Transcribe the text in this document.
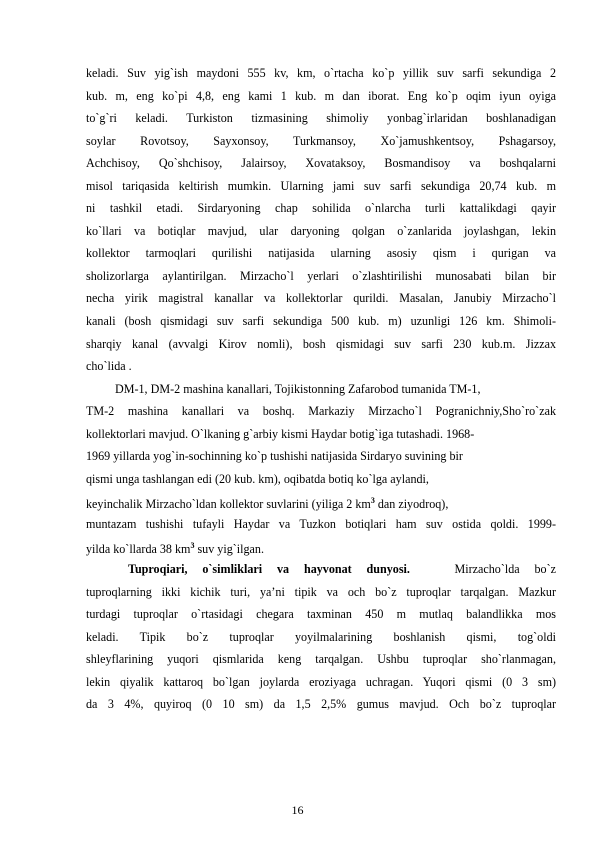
keladi. Suv yig`ish maydoni 555 kv, km, o`rtacha ko`p yillik suv sarfi sekundiga 2
kub. m, eng ko`pi 4,8, eng kami 1 kub. m dan iborat. Eng ko`p oqim iyun oyiga
to`g`ri keladi. Turkiston tizmasining shimoliy yonbag`irlaridan boshlanadigan
soylar Rovotsoy, Sayxonsoy, Turkmansoy, Xo`jamushkentsoy, Pshagarsoy,
Achchisoy, Qo`shchisoy, Jalairsoy, Xovataksoy, Bosmandisoy va boshqalarni
misol tariqasida keltirish mumkin. Ularning jami suv sarfi sekundiga 20,74 kub. m
ni tashkil etadi. Sirdaryoning chap sohilida o`nlarcha turli kattalikdagi qayir
ko`llari va botiqlar mavjud, ular daryoning qolgan o`zanlarida joylashgan, lekin
kollektor tarmoqlari qurilishi natijasida ularning asosiy qism i qurigan va
sholizorlarga aylantirilgan. Mirzacho`l yerlari o`zlashtirilishi munosabati bilan bir
necha yirik magistral kanallar va kollektorlar qurildi. Masalan, Janubiy Mirzacho`l
kanali (bosh qismidagi suv sarfi sekundiga 500 kub. m) uzunligi 126 km. Shimoli-
sharqiy kanal (avvalgi Kirov nomli), bosh qismidagi suv sarfi 230 kub.m. Jizzax
cho`lida .
DM-1, DM-2 mashina kanallari, Tojikistonning Zafarobod tumanida TM-1,
TM-2 mashina kanallari va boshq. Markaziy Mirzacho`l Pogranichniy,Sho`ro`zak
kollektorlari mavjud. O`lkaning g`arbiy kismi Haydar botig`iga tutashadi. 1968-
1969 yillarda yog`in-sochinning ko`p tushishi natijasida Sirdaryo suvining bir
qismi unga tashlangan edi (20 kub. km), oqibatda botiq ko`lga aylandi,
keyinchalik Mirzacho`ldan kollektor suvlarini (yiliga 2 $km^3$ dan ziyodroq),
muntazam tushishi tufayli Haydar va Tuzkon botiqlari ham suv ostida qoldi. 1999-
yilda ko`llarda 38 $km^3$ suv yig`ilgan.
Tuproqiari, o`simliklari va hayvonat dunyosi.	Mirzacho`lda bo`z
tuproqlarning ikki kichik turi, ya’ni tipik va och bo`z tuproqlar tarqalgan. Mazkur
turdagi tuproqlar o`rtasidagi chegara taxminan 450 m mutlaq balandlikka mos
keladi. Tipik bo`z tuproqlar yoyilmalarining boshlanish qismi, tog`oldi
shleyflarining yuqori qismlarida keng tarqalgan. Ushbu tuproqlar sho`rlanmagan,
lekin qiyalik kattaroq bo`lgan joylarda eroziyaga uchragan. Yuqori qismi (0 3 sm)
da 3 4%, quyiroq (0 10 sm) da 1,5 2,5% gumus mavjud. Och bo`z tuproqlar
16
